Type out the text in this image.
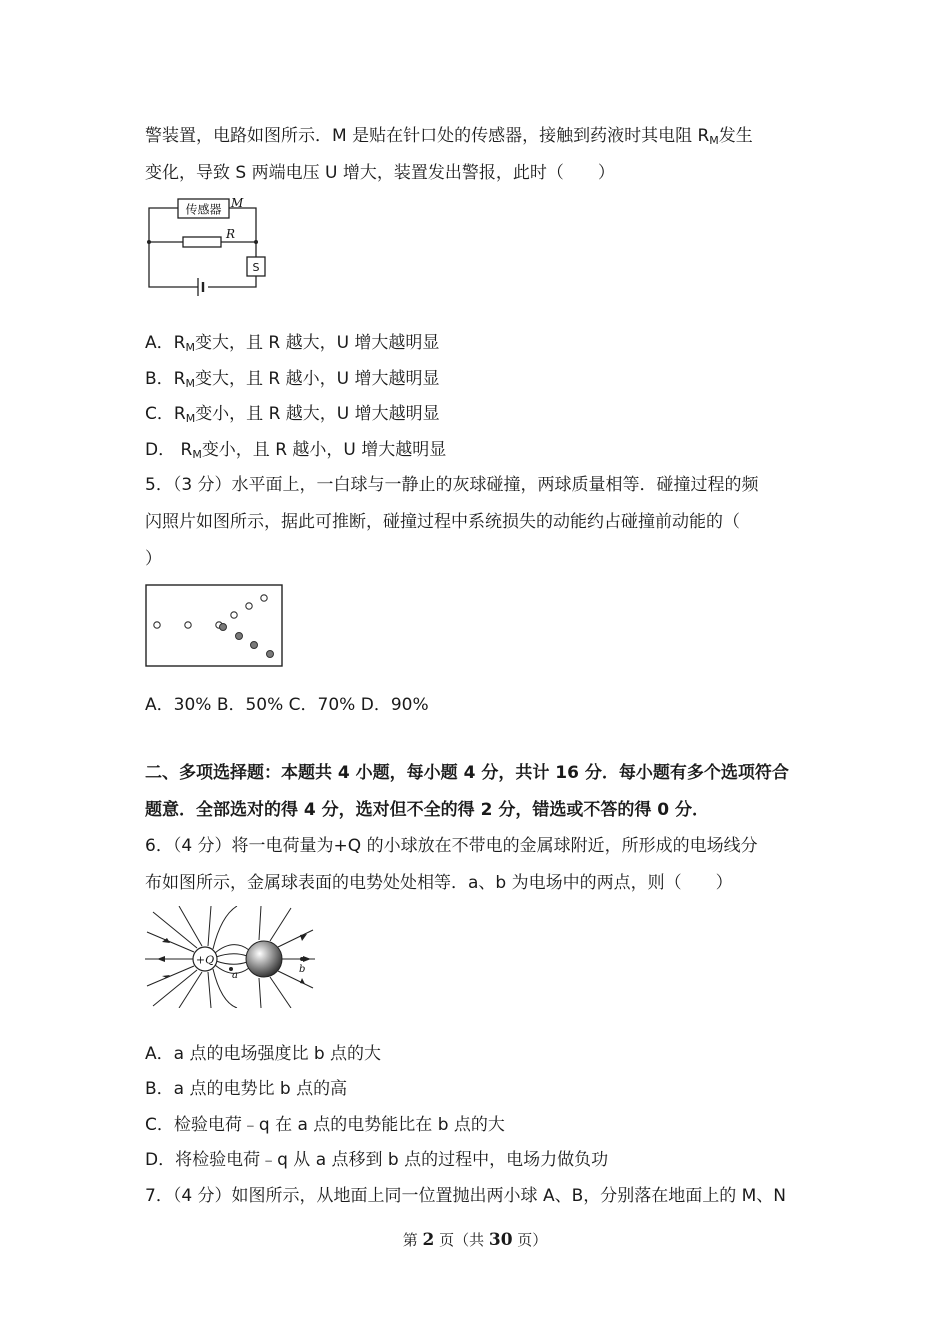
警装置，电路如图所示．M 是贴在针口处的传感器，接触到药液时其电阻 $R_M$发生
变化，导致 S 两端电压 U 增大，装置发出警报，此时（　　）
传感器 M
R
S
A．$R_M$变大，且 R 越大，U 增大越明显
B．$R_M$变大，且 R 越小，U 增大越明显
C．$R_M$变小，且 R 越大，U 增大越明显
D． $R_M$变小，且 R 越小，U 增大越明显
5．（3 分）水平面上，一白球与一静止的灰球碰撞，两球质量相等．碰撞过程的频
闪照片如图所示，据此可推断，碰撞过程中系统损失的动能约占碰撞前动能的（
）
A．30% B．50% C．70% D．90%
二、多项选择题：本题共 4 小题，每小题 4 分，共计 16 分．每小题有多个选项符合
题意．全部选对的得 4 分，选对但不全的得 2 分，错选或不答的得 0 分．
6．（4 分）将一电荷量为+Q 的小球放在不带电的金属球附近，所形成的电场线分
布如图所示，金属球表面的电势处处相等．a、b 为电场中的两点，则（　　）
+Q
a
b
A．a 点的电场强度比 b 点的大
B．a 点的电势比 b 点的高
C．检验电荷﹣q 在 a 点的电势能比在 b 点的大
D．将检验电荷﹣q 从 a 点移到 b 点的过程中，电场力做负功
7．（4 分）如图所示，从地面上同一位置抛出两小球 A、B，分别落在地面上的 M、N
第 2 页（共 30 页）
